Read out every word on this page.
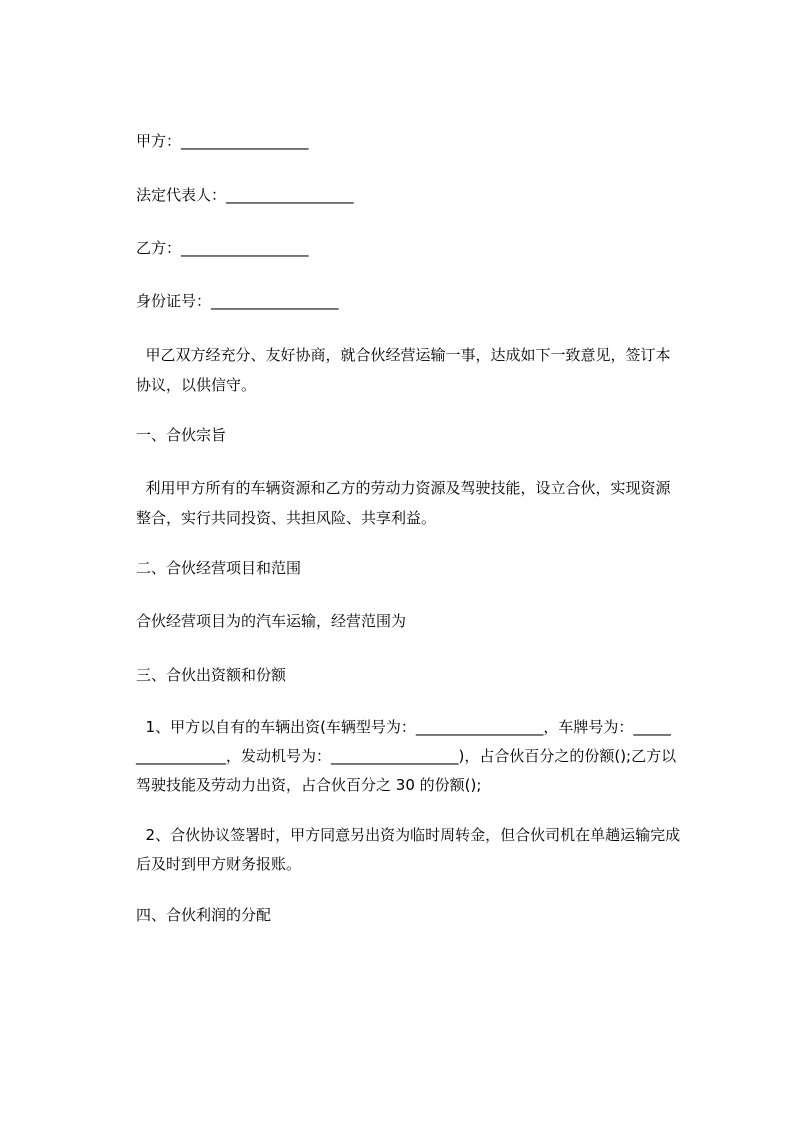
甲方：_________________
法定代表人：_________________
乙方：_________________
身份证号：_________________
甲乙双方经充分、友好协商，就合伙经营运输一事，达成如下一致意见，签订本
协议，以供信守。
一、合伙宗旨
利用甲方所有的车辆资源和乙方的劳动力资源及驾驶技能，设立合伙，实现资源
整合，实行共同投资、共担风险、共享利益。
二、合伙经营项目和范围
合伙经营项目为的汽车运输，经营范围为
三、合伙出资额和份额
1、甲方以自有的车辆出资(车辆型号为：_________________，车牌号为：_____
____________，发动机号为：_________________)，占合伙百分之的份额();乙方以
驾驶技能及劳动力出资，占合伙百分之 30 的份额();
2、合伙协议签署时，甲方同意另出资为临时周转金，但合伙司机在单趟运输完成
后及时到甲方财务报账。
四、合伙利润的分配
